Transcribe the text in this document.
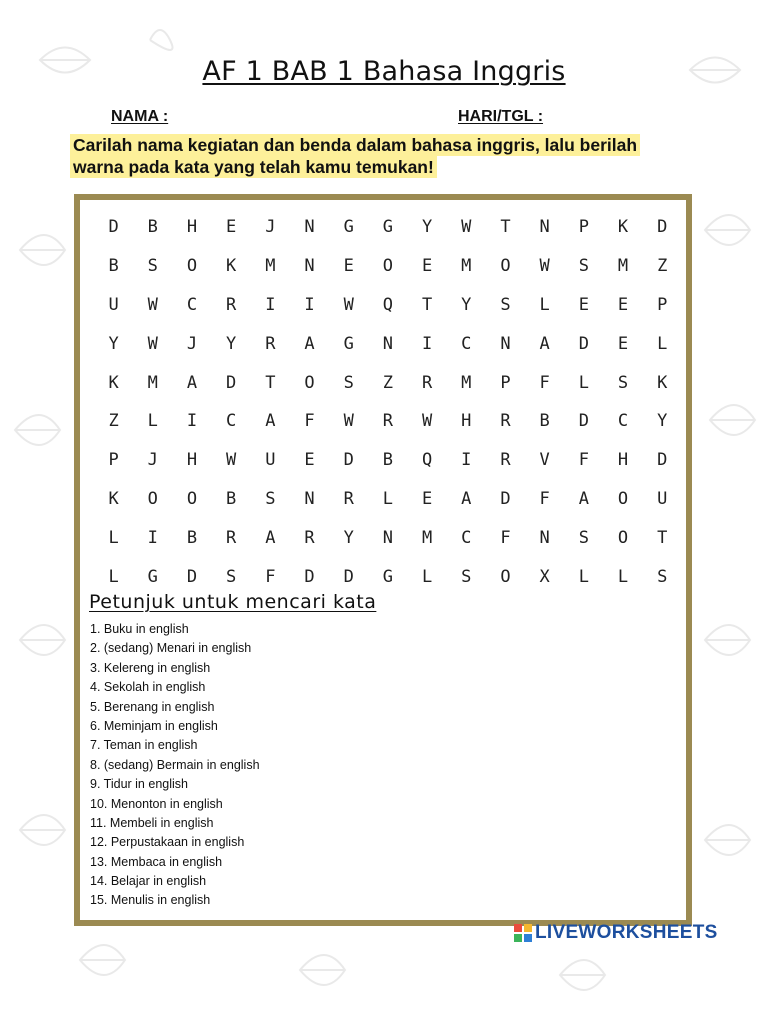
AF 1 BAB 1 Bahasa Inggris
NAMA :	HARI/TGL :
Carilah nama kegiatan dan benda dalam bahasa inggris, lalu berilah warna pada kata yang telah kamu temukan!
D	B	H	E	J	N	G	G	Y	W	T	N	P	K	D
B	S	O	K	M	N	E	O	E	M	O	W	S	M	Z
U	W	C	R	I	I	W	Q	T	Y	S	L	E	E	P
Y	W	J	Y	R	A	G	N	I	C	N	A	D	E	L
K	M	A	D	T	O	S	Z	R	M	P	F	L	S	K
Z	L	I	C	A	F	W	R	W	H	R	B	D	C	Y
P	J	H	W	U	E	D	B	Q	I	R	V	F	H	D
K	O	O	B	S	N	R	L	E	A	D	F	A	O	U
L	I	B	R	A	R	Y	N	M	C	F	N	S	O	T
L	G	D	S	F	D	D	G	L	S	O	X	L	L	S
Petunjuk untuk mencari kata
1. Buku in english
2. (sedang) Menari in english
3. Kelereng in english
4. Sekolah in english
5. Berenang in english
6. Meminjam in english
7. Teman in english
8. (sedang) Bermain in english
9. Tidur in english
10. Menonton in english
11. Membeli in english
12. Perpustakaan in english
13. Membaca in english
14. Belajar in english
15. Menulis in english
LIVEWORKSHEETS
